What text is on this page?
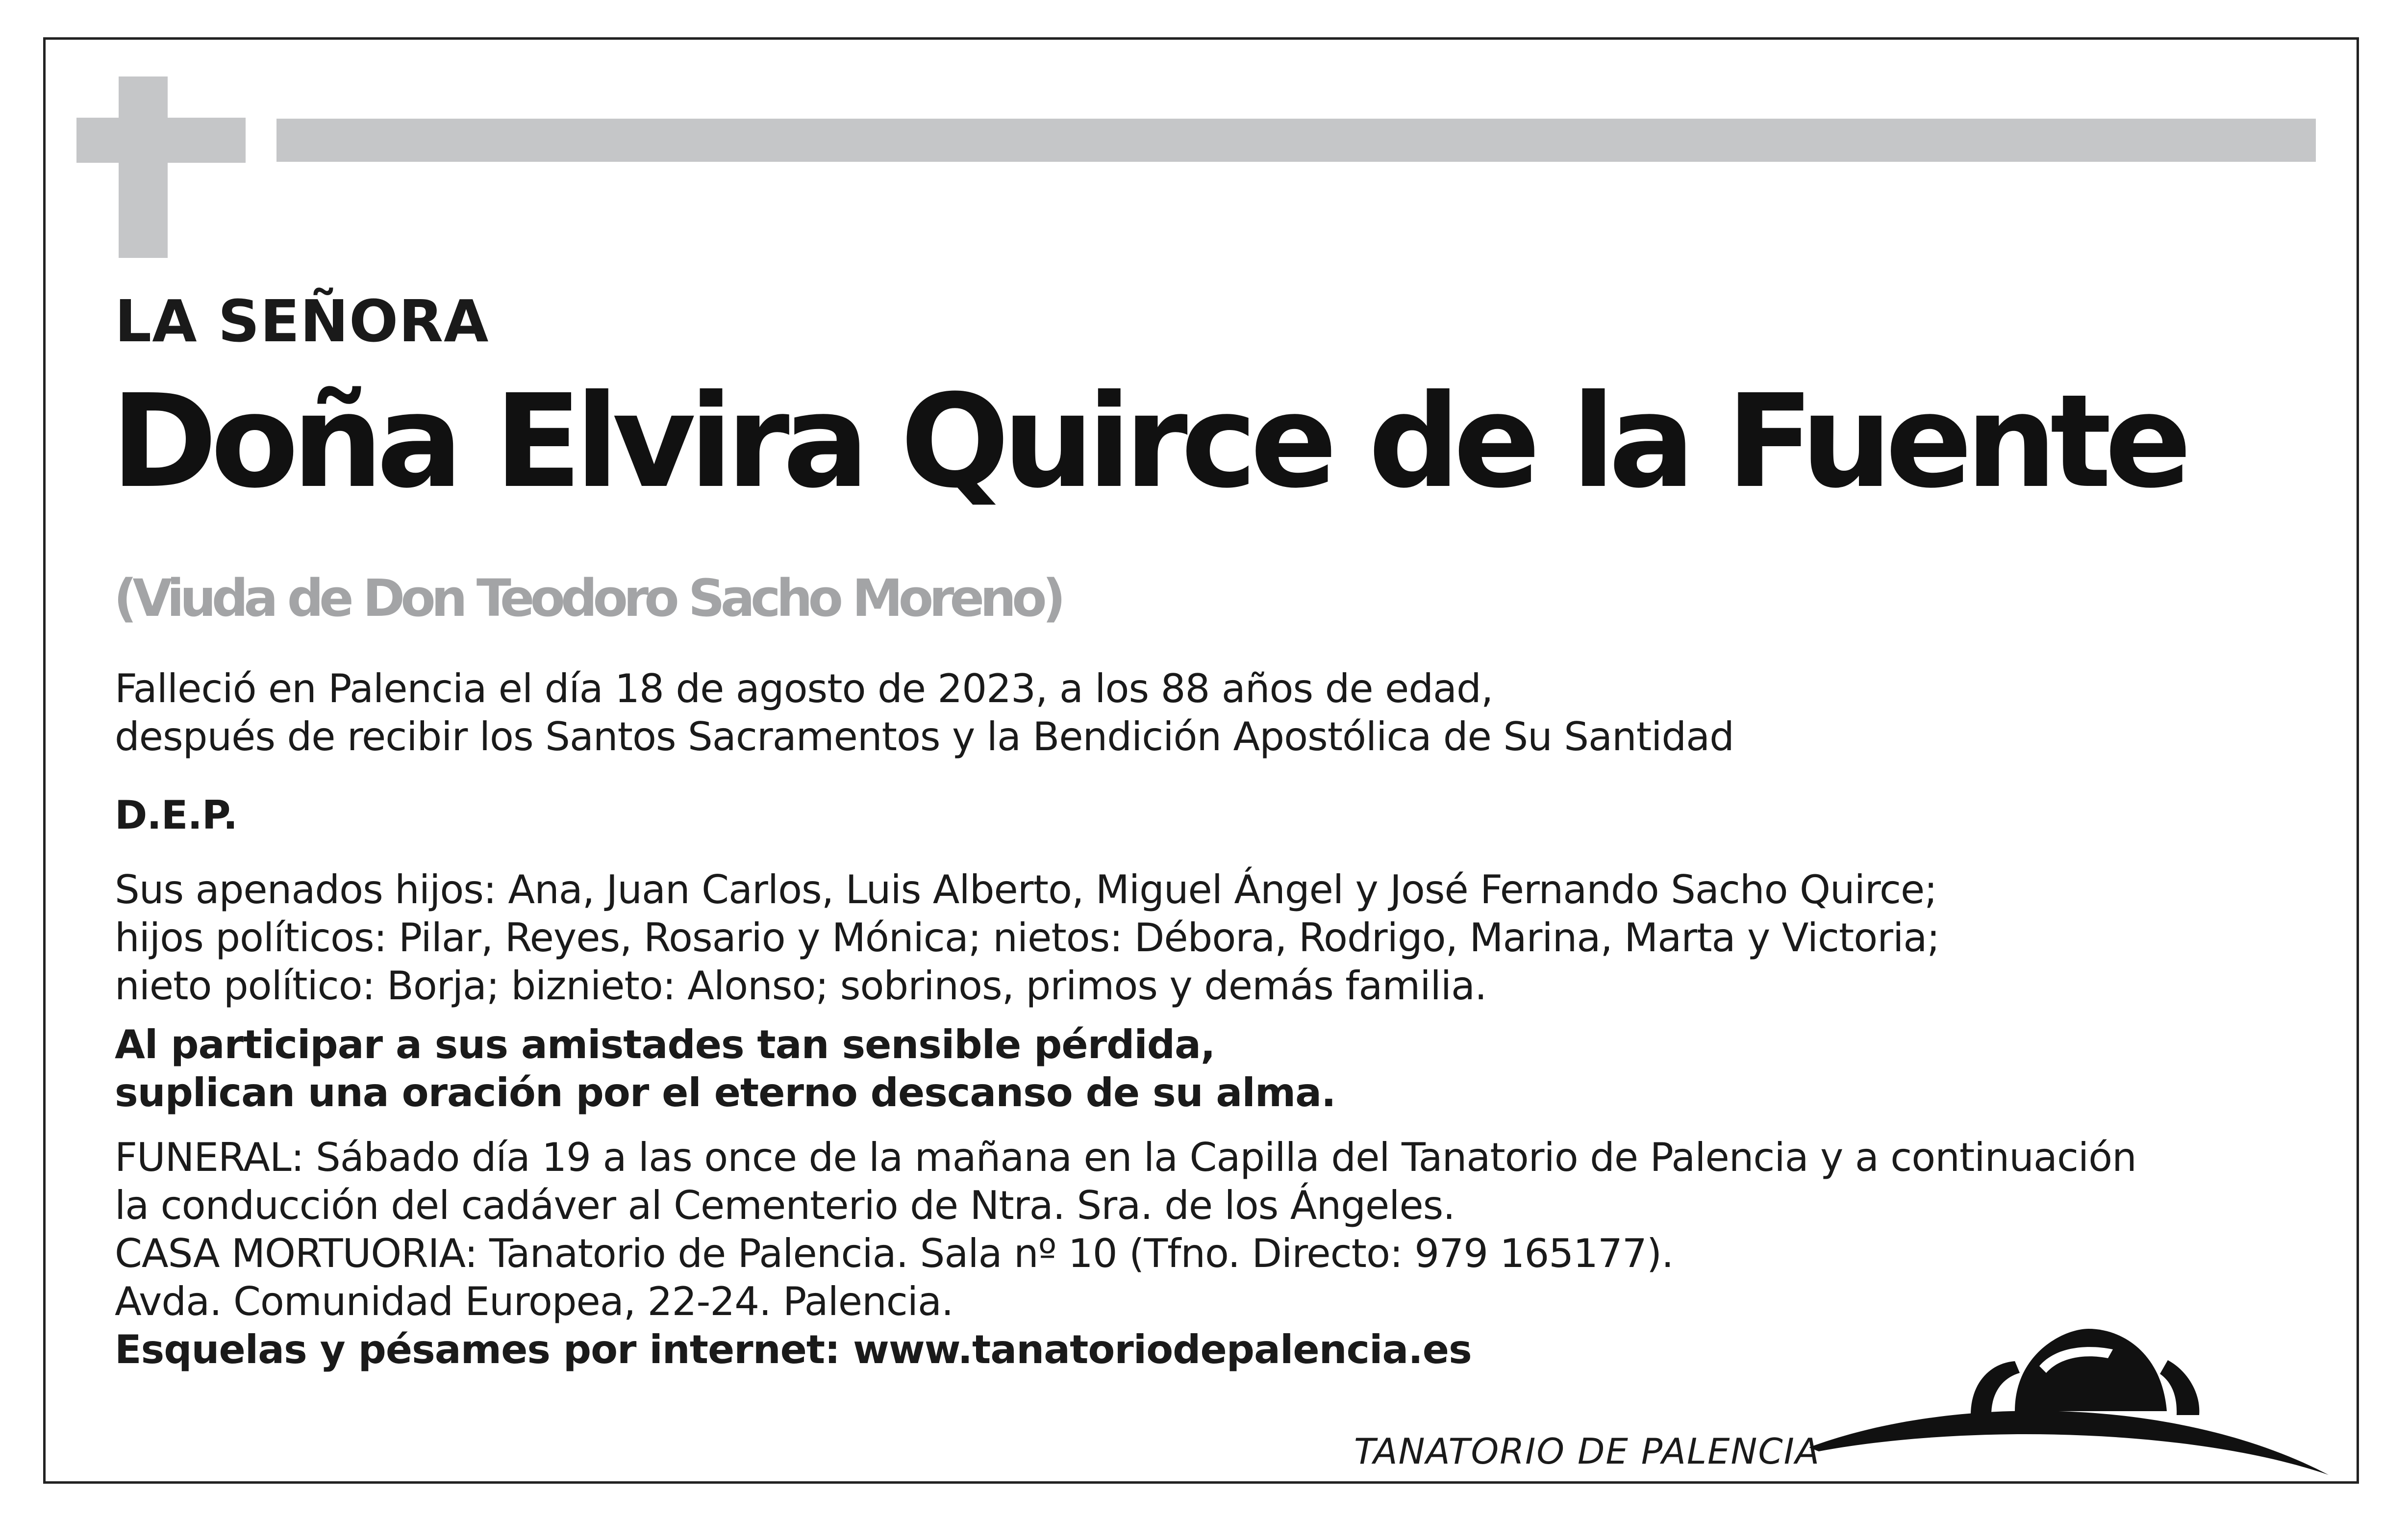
LA SEÑORA
Doña Elvira Quirce de la Fuente
(Viuda de Don Teodoro Sacho Moreno)
Falleció en Palencia el día 18 de agosto de 2023, a los 88 años de edad,
después de recibir los Santos Sacramentos y la Bendición Apostólica de Su Santidad
D.E.P.
Sus apenados hijos: Ana, Juan Carlos, Luis Alberto, Miguel Ángel y José Fernando Sacho Quirce;
hijos políticos: Pilar, Reyes, Rosario y Mónica; nietos: Débora, Rodrigo, Marina, Marta y Victoria;
nieto político: Borja; biznieto: Alonso; sobrinos, primos y demás familia.
Al participar a sus amistades tan sensible pérdida,
suplican una oración por el eterno descanso de su alma.
FUNERAL: Sábado día 19 a las once de la mañana en la Capilla del Tanatorio de Palencia y a continuación
la conducción del cadáver al Cementerio de Ntra. Sra. de los Ángeles.
CASA MORTUORIA: Tanatorio de Palencia. Sala nº 10 (Tfno. Directo: 979 165177).
Avda. Comunidad Europea, 22-24. Palencia.
Esquelas y pésames por internet: www.tanatoriodepalencia.es
TANATORIO DE PALENCIA
